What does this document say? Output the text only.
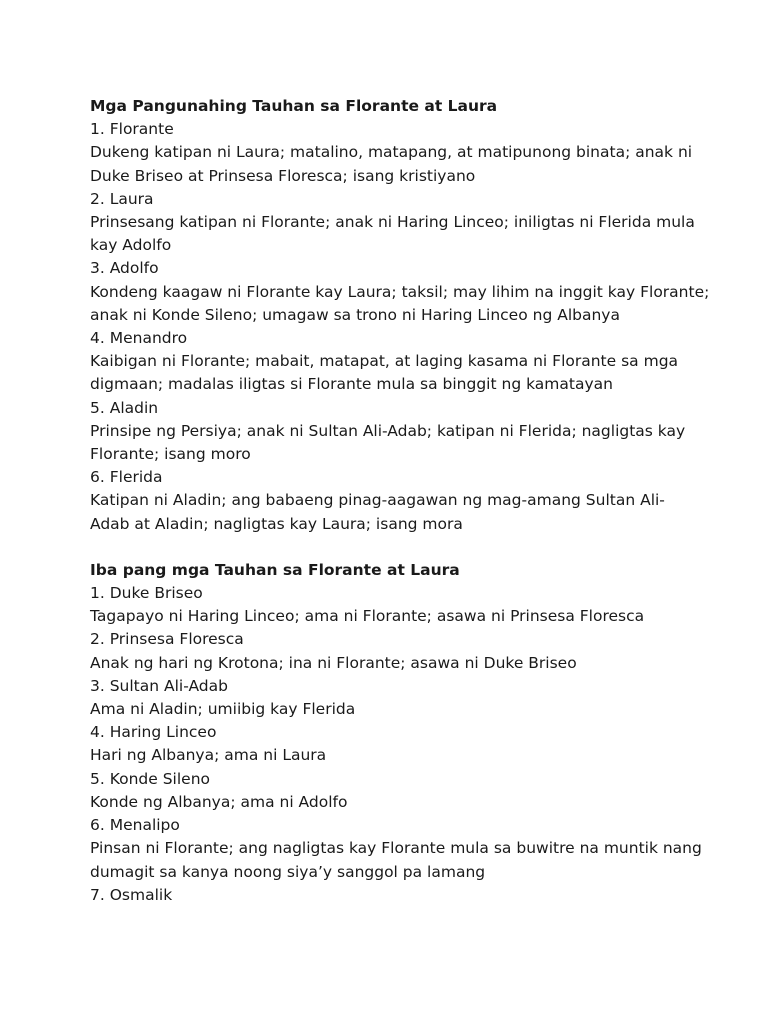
Mga Pangunahing Tauhan sa Florante at Laura
1. Florante
Dukeng katipan ni Laura; matalino, matapang, at matipunong binata; anak ni
Duke Briseo at Prinsesa Floresca; isang kristiyano
2. Laura
Prinsesang katipan ni Florante; anak ni Haring Linceo; iniligtas ni Flerida mula
kay Adolfo
3. Adolfo
Kondeng kaagaw ni Florante kay Laura; taksil; may lihim na inggit kay Florante;
anak ni Konde Sileno; umagaw sa trono ni Haring Linceo ng Albanya
4. Menandro
Kaibigan ni Florante; mabait, matapat, at laging kasama ni Florante sa mga
digmaan; madalas iligtas si Florante mula sa binggit ng kamatayan
5. Aladin
Prinsipe ng Persiya; anak ni Sultan Ali-Adab; katipan ni Flerida; nagligtas kay
Florante; isang moro
6. Flerida
Katipan ni Aladin; ang babaeng pinag-aagawan ng mag-amang Sultan Ali-
Adab at Aladin; nagligtas kay Laura; isang mora
Iba pang mga Tauhan sa Florante at Laura
1. Duke Briseo
Tagapayo ni Haring Linceo; ama ni Florante; asawa ni Prinsesa Floresca
2. Prinsesa Floresca
Anak ng hari ng Krotona; ina ni Florante; asawa ni Duke Briseo
3. Sultan Ali-Adab
Ama ni Aladin; umiibig kay Flerida
4. Haring Linceo
Hari ng Albanya; ama ni Laura
5. Konde Sileno
Konde ng Albanya; ama ni Adolfo
6. Menalipo
Pinsan ni Florante; ang nagligtas kay Florante mula sa buwitre na muntik nang
dumagit sa kanya noong siya’y sanggol pa lamang
7. Osmalik
